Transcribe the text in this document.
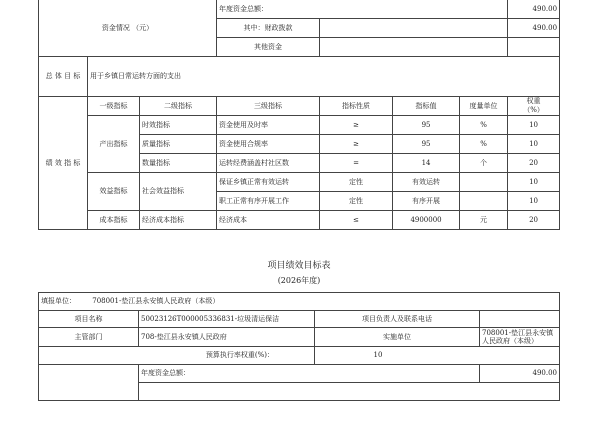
资金情况 （元）			年度资金总额：				490.00
			其中：财政拨款				490.00
			其他资金				
总 体 目 标	用于乡镇日常运转方面的支出						
绩 效 指 标	一级指标	二级指标	三级指标	指标性质	指标值	度量单位	权重
（%）
	产出指标	时效指标	资金使用及时率	≥	95	%	10
		质量指标	资金使用合规率	≥	95	%	10
		数量指标	运转经费涵盖村社区数	=	14	个	20
	效益指标	社会效益指标	保证乡镇正常有效运转	定性	有效运转		10
			职工正常有序开展工作	定性	有序开展		10
	成本指标	经济成本指标	经济成本	≤	4900000	元	20
项目绩效目标表
(2026年度)
填报单位： 708001-垫江县永安镇人民政府（本级）			
项目名称	50023126T000005336831-垃圾清运保洁	项目负责人及联系电话	
主管部门	708-垫江县永安镇人民政府	实施单位	708001-垫江县永安镇人民政府（本级）
预算执行率权重(%)：		10	
	年度资金总额：		490.00
